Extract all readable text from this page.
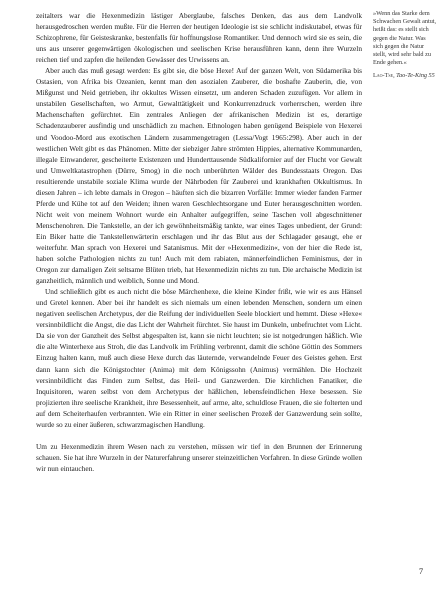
zeitalters war die Hexenmedizin lästiger Aberglaube, falsches Denken, das aus dem Landvolk herausgedroschen werden mußte. Für die Herren der heutigen Ideologie ist sie schlicht indiskutabel, etwas für Schizophrene, für Geisteskranke, bestenfalls für hoffnungslose Romantiker. Und dennoch wird sie es sein, die uns aus unserer gegenwärtigen ökologischen und seelischen Krise herausführen kann, denn ihre Wurzeln reichen tief und zapfen die heilenden Gewässer des Urwissens an.

Aber auch das muß gesagt werden: Es gibt sie, die böse Hexe! Auf der ganzen Welt, von Südamerika bis Ostasien, von Afrika bis Ozeanien, kennt man den asozialen Zauberer, die boshafte Zauberin, die, von Mißgunst und Neid getrieben, ihr okkultes Wissen einsetzt, um anderen Schaden zuzufügen. Vor allem in unstabilen Gesellschaften, wo Armut, Gewalttätigkeit und Konkurrenzdruck vorherrschen, werden ihre Machenschaften gefürchtet. Ein zentrales Anliegen der afrikanischen Medizin ist es, derartige Schadenzauberer ausfindig und unschädlich zu machen. Ethnologen haben genügend Beispiele von Hexerei und Voodoo-Mord aus exotischen Ländern zusammengetragen (Lessa/Vogt 1965:298). Aber auch in der westlichen Welt gibt es das Phänomen. Mitte der siebziger Jahre strömten Hippies, alternative Kommunarden, illegale Einwanderer, gescheiterte Existenzen und Hunderttausende Südkalifornier auf der Flucht vor Gewalt und Umweltkatastrophen (Dürre, Smog) in die noch unberührten Wälder des Bundesstaats Oregon. Das resultierende unstabile soziale Klima wurde der Nährboden für Zauberei und krankhaften Okkultismus. In diesen Jahren – ich lebte damals in Oregon – häuften sich die bizarren Vorfälle: Immer wieder fanden Farmer Pferde und Kühe tot auf den Weiden; ihnen waren Geschlechtsorgane und Euter herausgeschnitten worden. Nicht weit von meinem Wohnort wurde ein Anhalter aufgegriffen, seine Taschen voll abgeschnittener Menschenohren. Die Tankstelle, an der ich gewöhnheitsmäßig tankte, war eines Tages unbedient, der Grund: Ein Biker hatte die Tankstellenwärterin erschlagen und ihr das Blut aus der Schlagader gesaugt, ehe er weiterfuhr. Man sprach von Hexerei und Satanismus. Mit der »Hexenmedizin«, von der hier die Rede ist, haben solche Pathologien nichts zu tun! Auch mit dem rabiaten, männerfeindlichen Feminismus, der in Oregon zur damaligen Zeit seltsame Blüten trieb, hat Hexenmedizin nichts zu tun. Die archaische Medizin ist ganzheitlich, männlich und weiblich, Sonne und Mond.

Und schließlich gibt es auch nicht die böse Märchenhexe, die kleine Kinder frißt, wie wir es aus Hänsel und Gretel kennen. Aber bei ihr handelt es sich niemals um einen lebenden Menschen, sondern um einen negativen seelischen Archetypus, der die Reifung der individuellen Seele blockiert und hemmt. Diese »Hexe« versinnbildlicht die Angst, die das Licht der Wahrheit fürchtet. Sie haust im Dunkeln, unbefruchtet vom Licht. Da sie von der Ganzheit des Selbst abgespalten ist, kann sie nicht leuchten; sie ist notgedrungen häßlich. Wie die alte Winterhexe aus Stroh, die das Landvolk im Frühling verbrennt, damit die schöne Göttin des Sommers Einzug halten kann, muß auch diese Hexe durch das läuternde, verwandelnde Feuer des Geistes gehen. Erst dann kann sich die Königstochter (Anima) mit dem Königssohn (Animus) vermählen. Die Hochzeit versinnbildlicht das Finden zum Selbst, das Heil- und Ganzwerden. Die kirchlichen Fanatiker, die Inquisitoren, waren selbst von dem Archetypus der häßlichen, lebensfeindlichen Hexe besessen. Sie projizierten ihre seelische Krankheit, ihre Besessenheit, auf arme, alte, schuldlose Frauen, die sie folterten und auf dem Scheiterhaufen verbrannten. Wie ein Ritter in einer seelischen Prozeß der Ganzwerdung sein sollte, wurde so zu einer äußeren, schwarzmagischen Handlung.

Um zu Hexenmedizin ihrem Wesen nach zu verstehen, müssen wir tief in den Brunnen der Erinnerung schauen. Sie hat ihre Wurzeln in der Naturerfahrung unserer steinzeitlichen Vorfahren. In diese Gründe wollen wir nun eintauchen.

»Wenn das Starke dem Schwachen Gewalt antut, heißt das: es stellt sich gegen die Natur. Was sich gegen die Natur stellt, wird sehr bald zu Ende gehen.«

Lao-Tse, Tao-Te-King 55

7
